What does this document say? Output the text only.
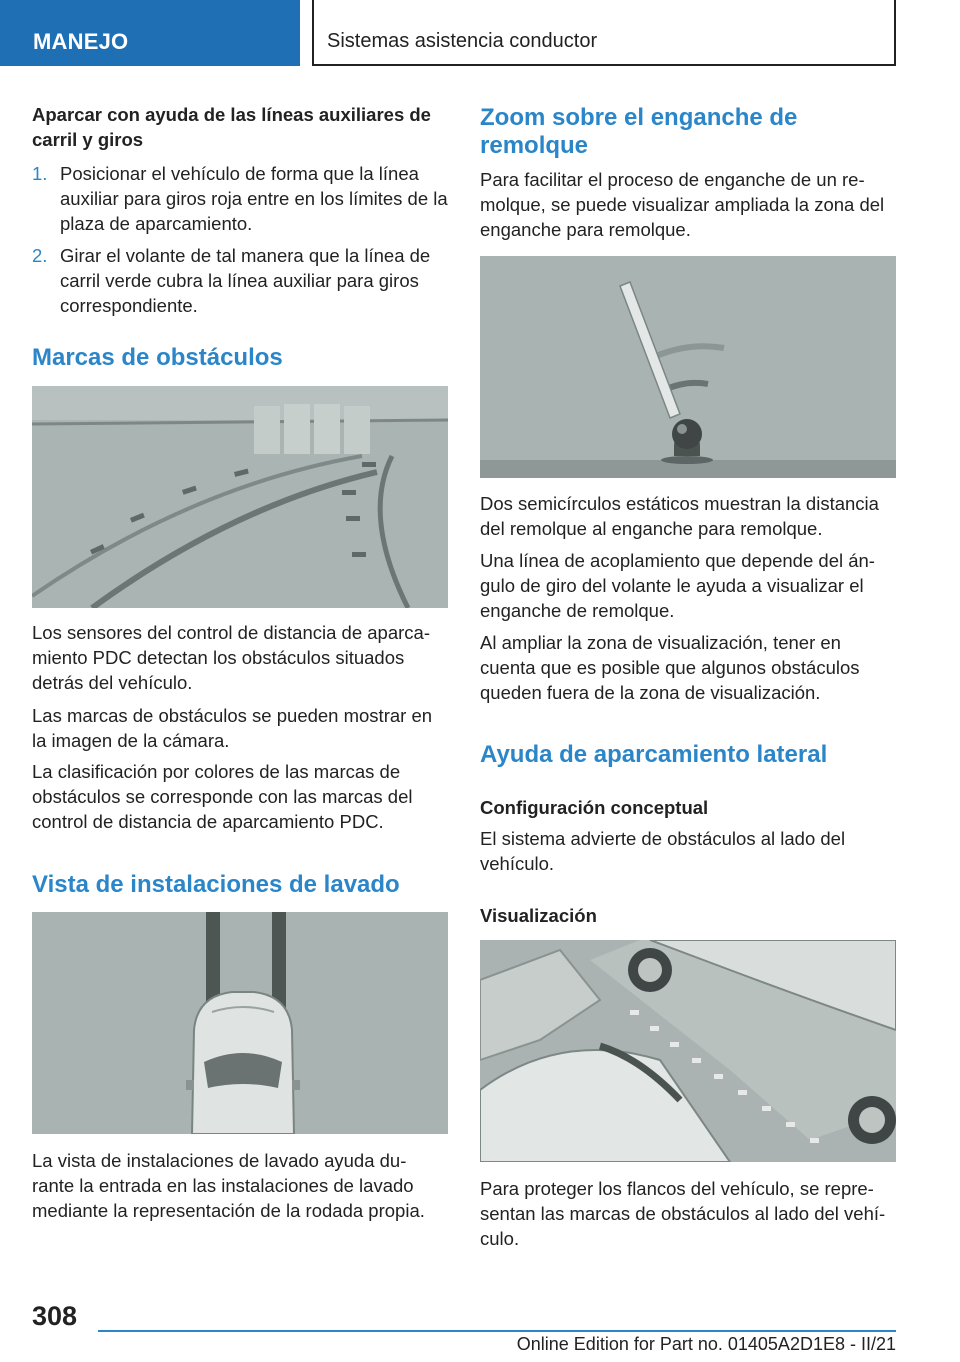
MANEJO	Sistemas asistencia conductor
Aparcar con ayuda de las líneas auxiliares de carril y giros
1. Posicionar el vehículo de forma que la línea auxiliar para giros roja entre en los límites de la plaza de aparcamiento.
2. Girar el volante de tal manera que la línea de carril verde cubra la línea auxiliar para giros correspondiente.
Marcas de obstáculos
Los sensores del control de distancia de aparca-miento PDC detectan los obstáculos situados detrás del vehículo.
Las marcas de obstáculos se pueden mostrar en la imagen de la cámara.
La clasificación por colores de las marcas de obstáculos se corresponde con las marcas del control de distancia de aparcamiento PDC.
Vista de instalaciones de lavado
La vista de instalaciones de lavado ayuda du-rante la entrada en las instalaciones de lavado mediante la representación de la rodada propia.
Zoom sobre el enganche de remolque
Para facilitar el proceso de enganche de un re-molque, se puede visualizar ampliada la zona del enganche para remolque.
Dos semicírculos estáticos muestran la distancia del remolque al enganche para remolque.
Una línea de acoplamiento que depende del án-gulo de giro del volante le ayuda a visualizar el enganche de remolque.
Al ampliar la zona de visualización, tener en cuenta que es posible que algunos obstáculos queden fuera de la zona de visualización.
Ayuda de aparcamiento lateral
Configuración conceptual
El sistema advierte de obstáculos al lado del vehículo.
Visualización
Para proteger los flancos del vehículo, se repre-sentan las marcas de obstáculos al lado del vehí-culo.
308
Online Edition for Part no. 01405A2D1E8 - II/21
